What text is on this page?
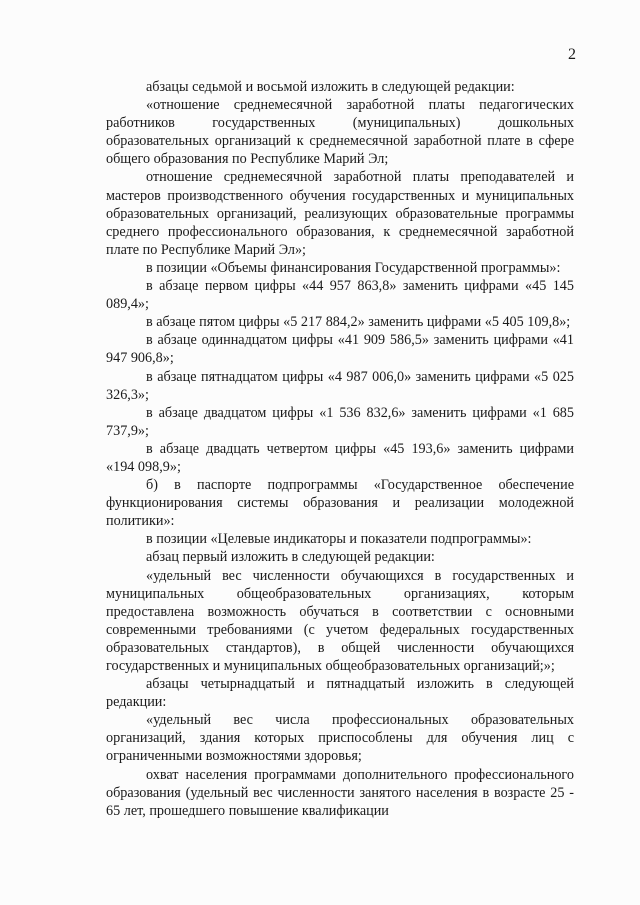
2

абзацы седьмой и восьмой изложить в следующей редакции:

«отношение среднемесячной заработной платы педагогических работников государственных (муниципальных) дошкольных образовательных организаций к среднемесячной заработной плате в сфере общего образования по Республике Марий Эл;

отношение среднемесячной заработной платы преподавателей и мастеров производственного обучения государственных и муниципальных образовательных организаций, реализующих образовательные программы среднего профессионального образования, к среднемесячной заработной плате по Республике Марий Эл»;

в позиции «Объемы финансирования Государственной программы»:

в абзаце первом цифры «44 957 863,8» заменить цифрами «45 145 089,4»;

в абзаце пятом цифры «5 217 884,2» заменить цифрами «5 405 109,8»;

в абзаце одиннадцатом цифры «41 909 586,5» заменить цифрами «41 947 906,8»;

в абзаце пятнадцатом цифры «4 987 006,0» заменить цифрами «5 025 326,3»;

в абзаце двадцатом цифры «1 536 832,6» заменить цифрами «1 685 737,9»;

в абзаце двадцать четвертом цифры «45 193,6» заменить цифрами «194 098,9»;

б) в паспорте подпрограммы «Государственное обеспечение функционирования системы образования и реализации молодежной политики»:

в позиции «Целевые индикаторы и показатели подпрограммы»:

абзац первый изложить в следующей редакции:

«удельный вес численности обучающихся в государственных и муниципальных общеобразовательных организациях, которым предоставлена возможность обучаться в соответствии с основными современными требованиями (с учетом федеральных государственных образовательных стандартов), в общей численности обучающихся государственных и муниципальных общеобразовательных организаций;»;

абзацы четырнадцатый и пятнадцатый изложить в следующей редакции:

«удельный вес числа профессиональных образовательных организаций, здания которых приспособлены для обучения лиц с ограниченными возможностями здоровья;

охват населения программами дополнительного профессионального образования (удельный вес численности занятого населения в возрасте 25 - 65 лет, прошедшего повышение квалификации
